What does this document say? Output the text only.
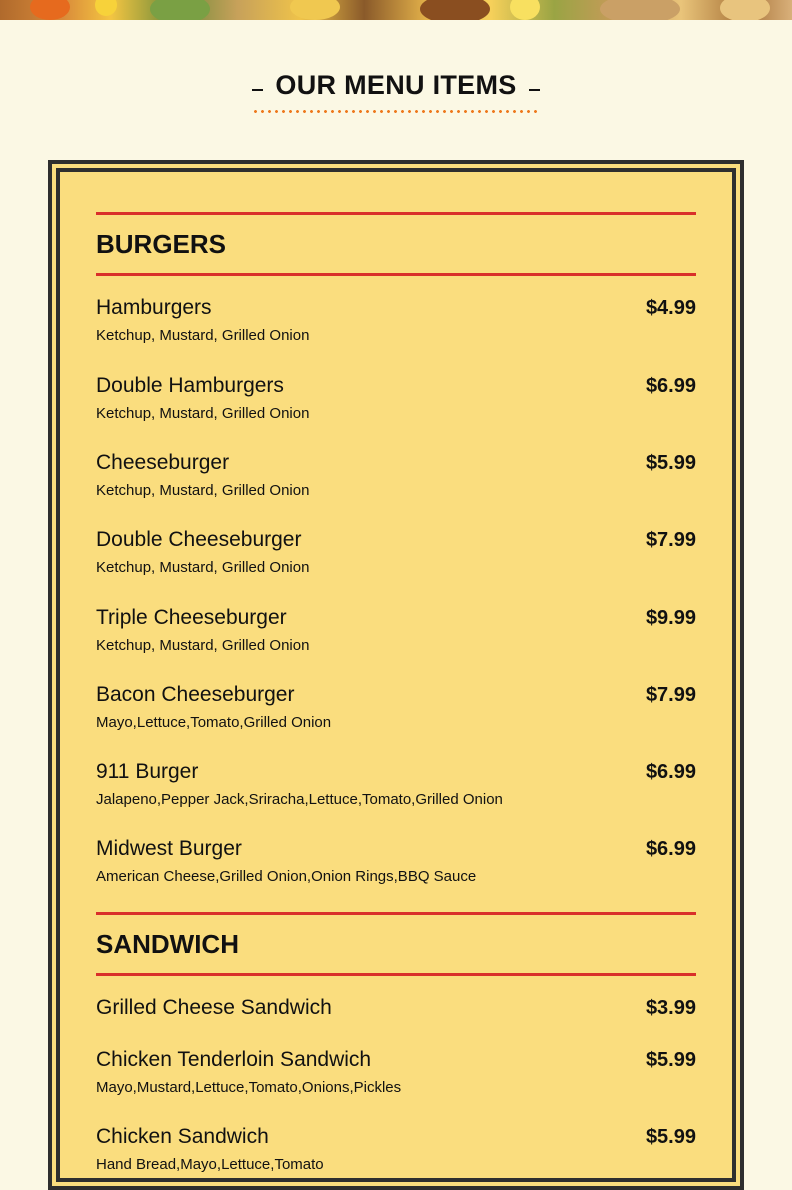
OUR MENU ITEMS
BURGERS
Hamburgers	$4.99
Ketchup, Mustard, Grilled Onion
Double Hamburgers	$6.99
Ketchup, Mustard, Grilled Onion
Cheeseburger	$5.99
Ketchup, Mustard, Grilled Onion
Double Cheeseburger	$7.99
Ketchup, Mustard, Grilled Onion
Triple Cheeseburger	$9.99
Ketchup, Mustard, Grilled Onion
Bacon Cheeseburger	$7.99
Mayo,Lettuce,Tomato,Grilled Onion
911 Burger	$6.99
Jalapeno,Pepper Jack,Sriracha,Lettuce,Tomato,Grilled Onion
Midwest Burger	$6.99
American Cheese,Grilled Onion,Onion Rings,BBQ Sauce
SANDWICH
Grilled Cheese Sandwich	$3.99
Chicken Tenderloin Sandwich	$5.99
Mayo,Mustard,Lettuce,Tomato,Onions,Pickles
Chicken Sandwich	$5.99
Hand Bread,Mayo,Lettuce,Tomato
